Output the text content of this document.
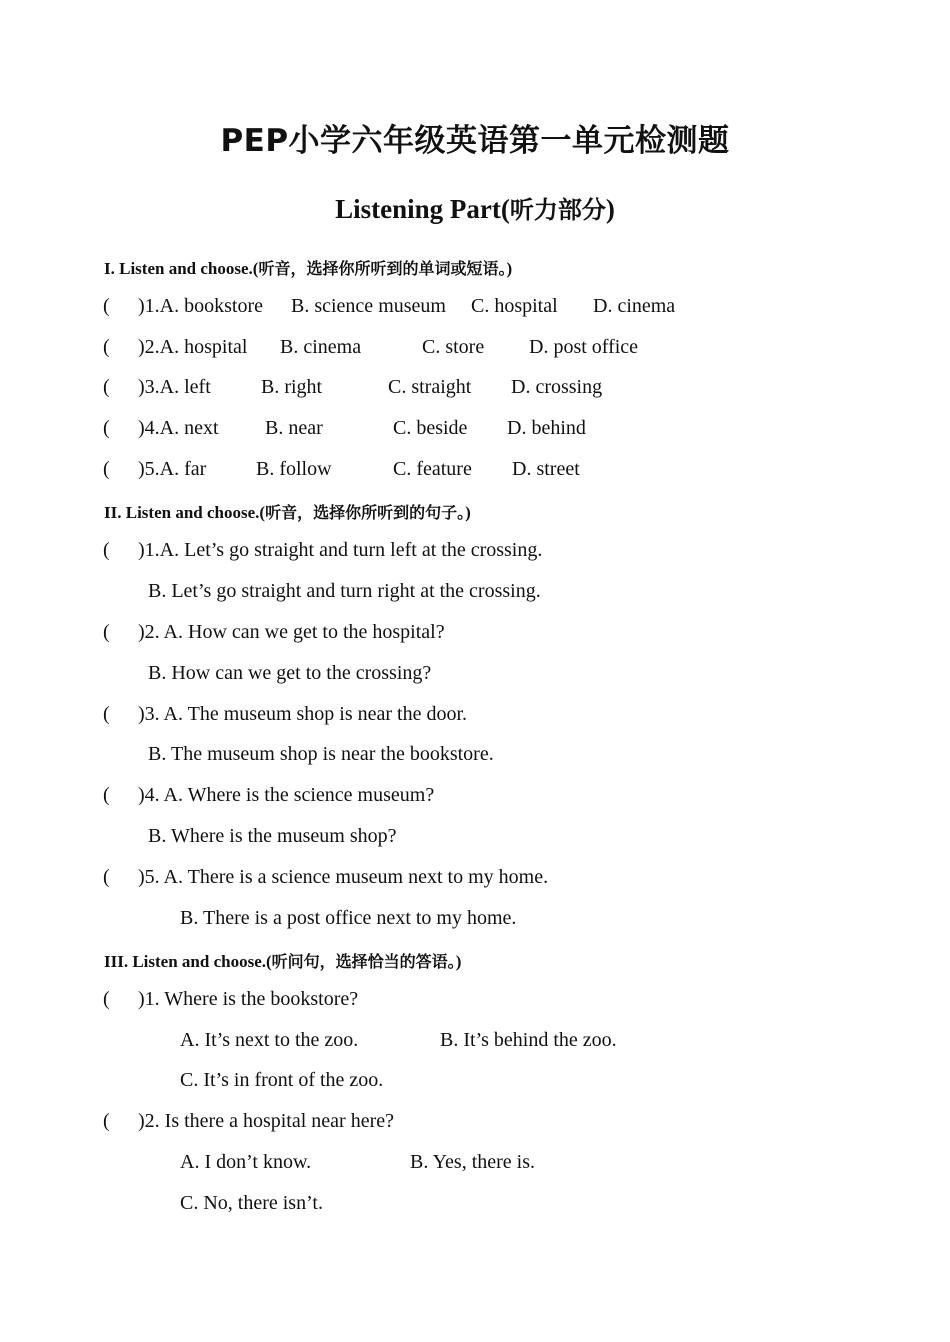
PEP小学六年级英语第一单元检测题
Listening Part(听力部分)
I. Listen and choose.(听音，选择你所听到的单词或短语。)
( )1.A. bookstore B. science museum C. hospital D. cinema
( )2.A. hospital B. cinema	C. store D. post office
( )3.A. left	B. right	C. straight D. crossing
( )4.A. next B. near	C. beside D. behind
( )5.A. far B. follow	C. feature D. street
II. Listen and choose.(听音，选择你所听到的句子。)
( )1.A. Let’s go straight and turn left at the crossing.
B. Let’s go straight and turn right at the crossing.
( )2. A. How can we get to the hospital?
B. How can we get to the crossing?
( )3. A. The museum shop is near the door.
B. The museum shop is near the bookstore.
( )4. A. Where is the science museum?
B. Where is the museum shop?
( )5. A. There is a science museum next to my home.
B. There is a post office next to my home.
III. Listen and choose.(听问句，选择恰当的答语。)
( )1. Where is the bookstore?
A. It’s next to the zoo.	B. It’s behind the zoo.
C. It’s in front of the zoo.
( )2. Is there a hospital near here?
A. I don’t know.	B. Yes, there is.
C. No, there isn’t.
